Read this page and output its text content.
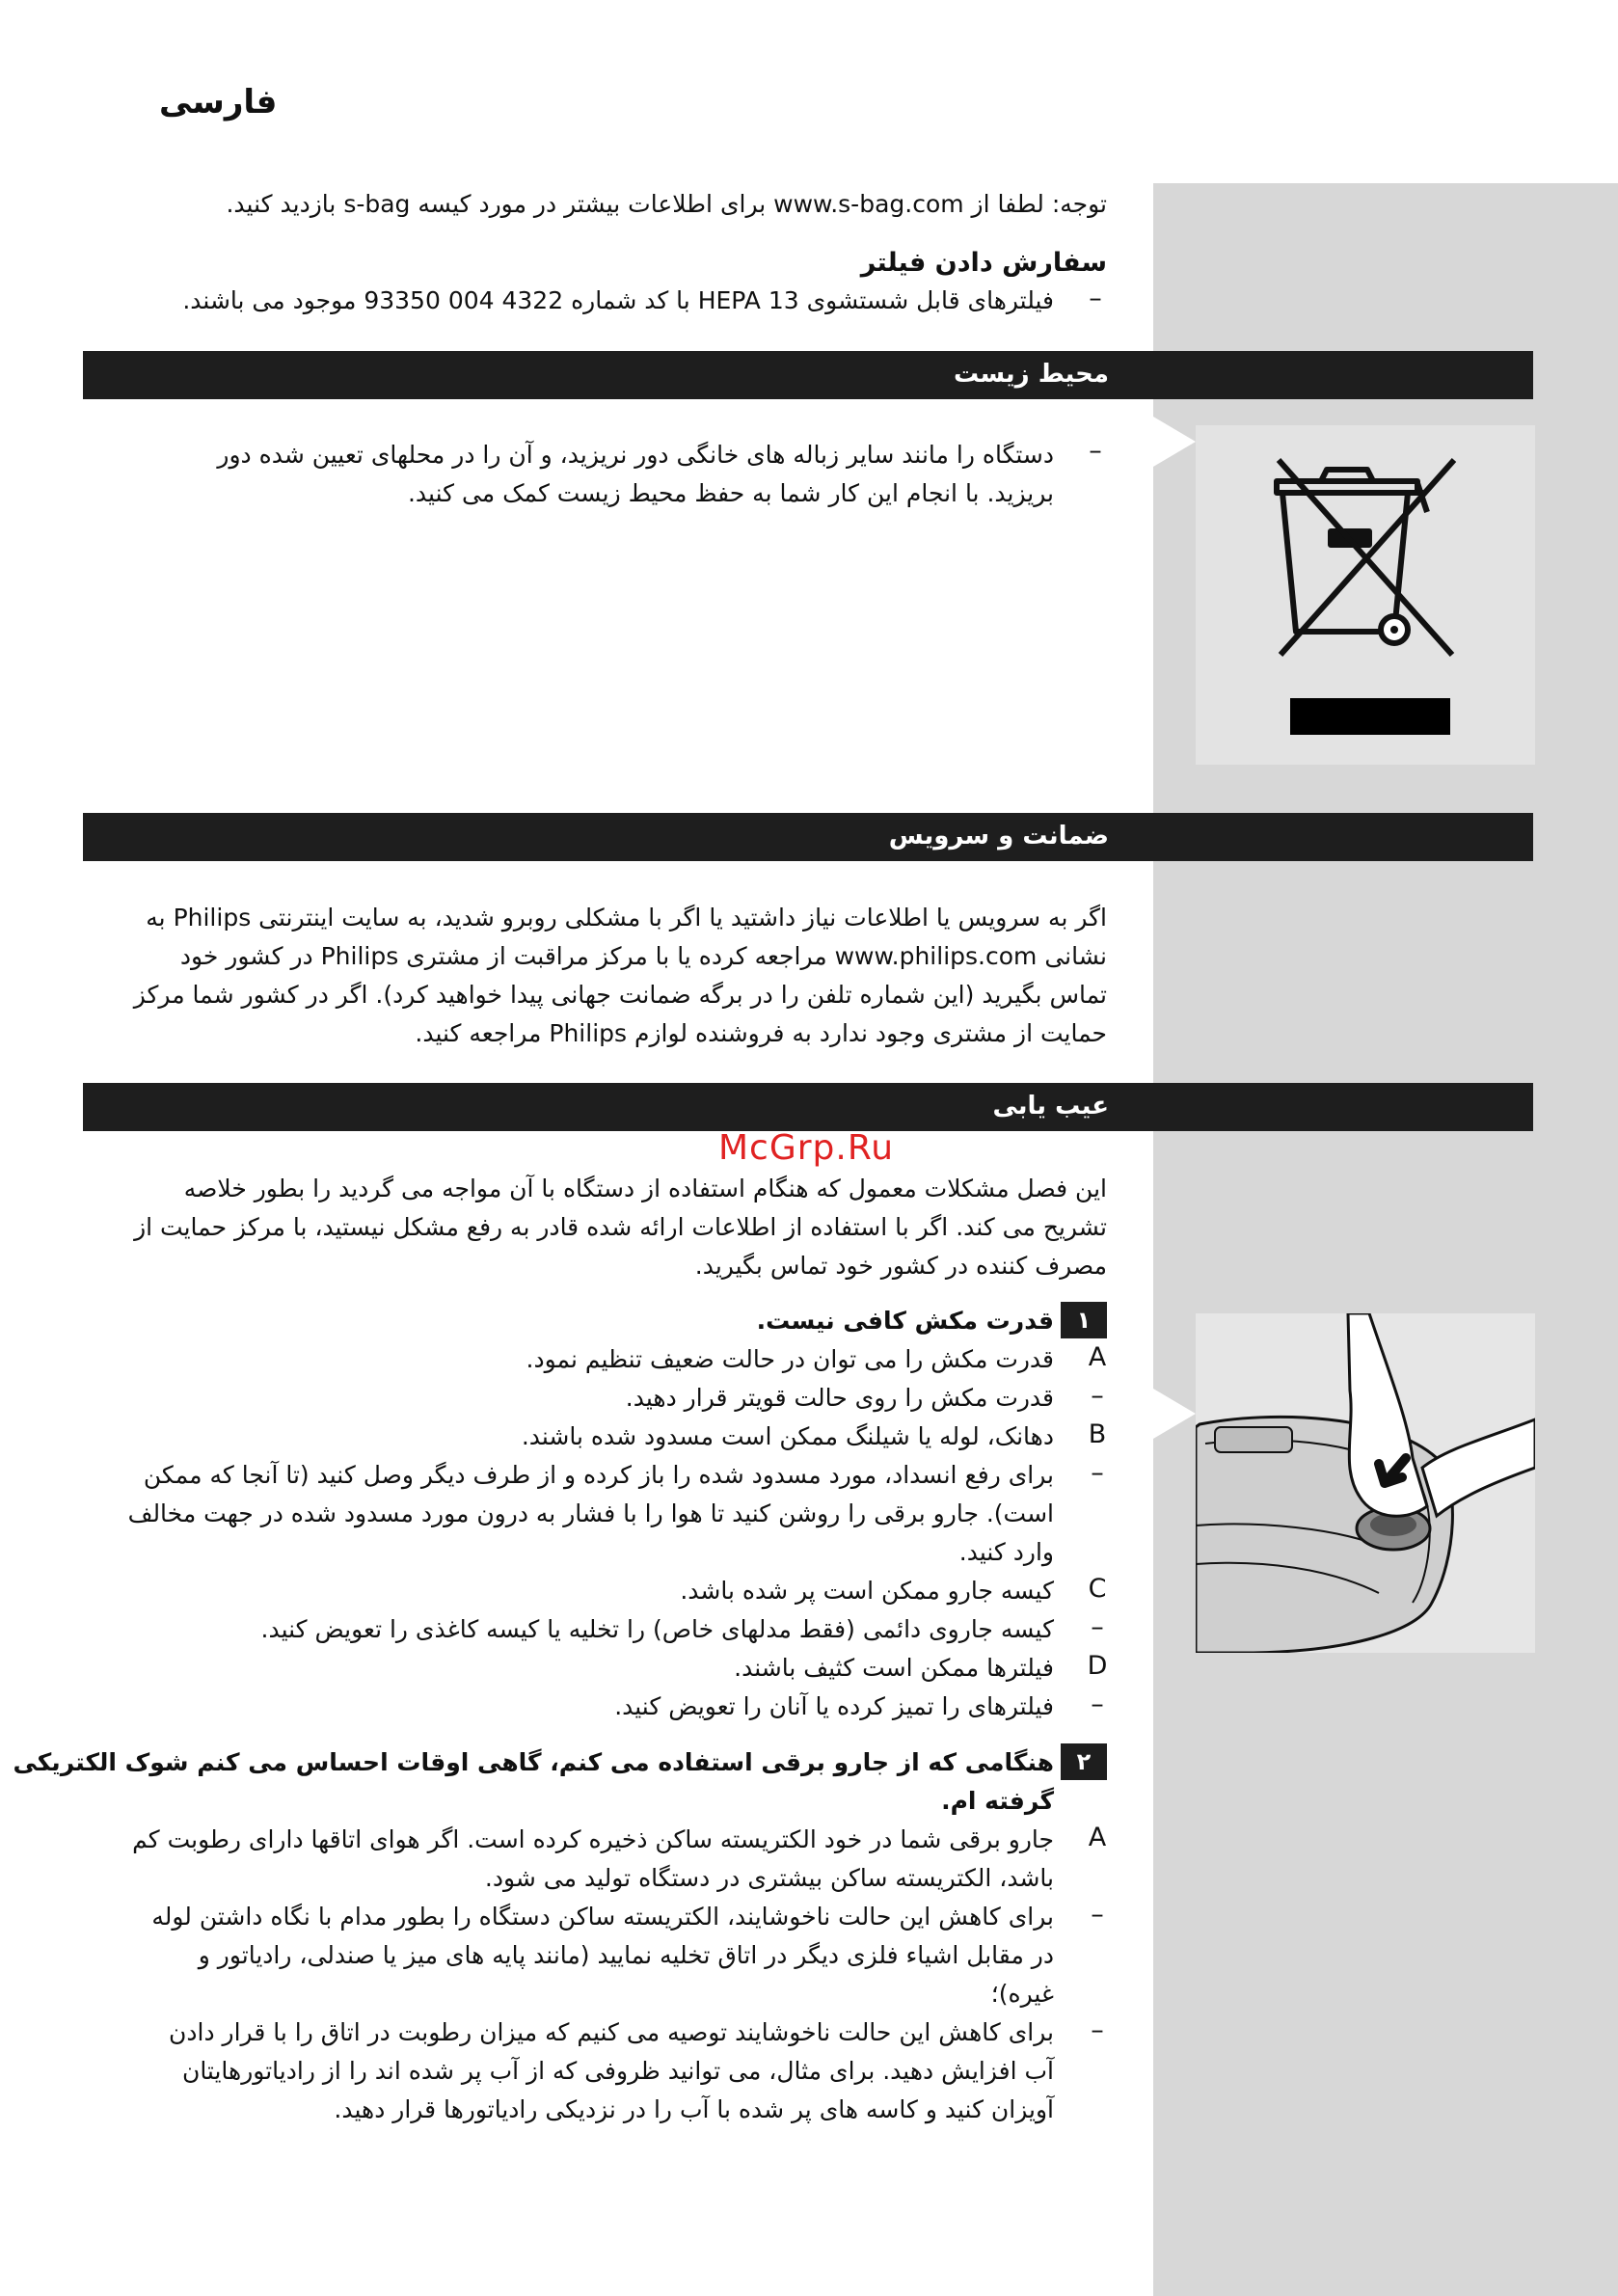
فارسی
توجه: لطفا از www.s-bag.com برای اطلاعات بیشتر در مورد کیسه s-bag بازدید کنید.
سفارش دادن فیلتر
–
فیلترهای قابل شستشوی HEPA 13 با کد شماره 4322 004 93350 موجود می باشند.
محیط زیست
–
دستگاه را مانند سایر زباله های خانگی دور نریزید، و آن را در محلهای تعیین شده دور
بریزید. با انجام این کار شما به حفظ محیط زیست کمک می کنید.
ضمانت و سرویس
اگر به سرویس یا اطلاعات نیاز داشتید یا اگر با مشکلی روبرو شدید، به سایت اینترنتی Philips به
نشانی www.philips.com مراجعه کرده یا با مرکز مراقبت از مشتری Philips در کشور خود
تماس بگیرید (این شماره تلفن را در برگه ضمانت جهانی پیدا خواهید کرد). اگر در کشور شما مرکز
حمایت از مشتری وجود ندارد به فروشنده لوازم Philips مراجعه کنید.
عیب یابی
McGrp.Ru
این فصل مشکلات معمول که هنگام استفاده از دستگاه با آن مواجه می گردید را بطور خلاصه
تشریح می کند. اگر با استفاده از اطلاعات ارائه شده قادر به رفع مشکل نیستید، با مرکز حمایت از
مصرف کننده در کشور خود تماس بگیرید.
۱
قدرت مکش کافی نیست.
A
قدرت مکش را می توان در حالت ضعیف تنظیم نمود.
–
قدرت مکش را روی حالت قویتر قرار دهید.
B
دهانک، لوله یا شیلنگ ممکن است مسدود شده باشند.
–
برای رفع انسداد، مورد مسدود شده را باز کرده و از طرف دیگر وصل کنید (تا آنجا که ممکن
است). جارو برقی را روشن کنید تا هوا را با فشار به درون مورد مسدود شده در جهت مخالف
وارد کنید.
C
کیسه جارو ممکن است پر شده باشد.
–
کیسه جاروی دائمی (فقط مدلهای خاص) را تخلیه یا کیسه کاغذی را تعویض کنید.
D
فیلترها ممکن است کثیف باشند.
–
فیلترهای را تمیز کرده یا آنان را تعویض کنید.
۲
هنگامی که از جارو برقی استفاده می کنم، گاهی اوقات احساس می کنم شوک الکتریکی
گرفته ام.
A
جارو برقی شما در خود الکتریسته ساکن ذخیره کرده است. اگر هوای اتاقها دارای رطوبت کم
باشد، الکتریسته ساکن بیشتری در دستگاه تولید می شود.
–
برای کاهش این حالت ناخوشایند، الکتریسته ساکن دستگاه را بطور مدام با نگاه داشتن لوله
در مقابل اشیاء فلزی دیگر در اتاق تخلیه نمایید (مانند پایه های میز یا صندلی، رادیاتور و
غیره)؛
–
برای کاهش این حالت ناخوشایند توصیه می کنیم که میزان رطوبت در اتاق را با قرار دادن
آب افزایش دهید. برای مثال، می توانید ظروفی که از آب پر شده اند را از رادیاتورهایتان
آویزان کنید و کاسه های پر شده با آب را در نزدیکی رادیاتورها قرار دهید.
